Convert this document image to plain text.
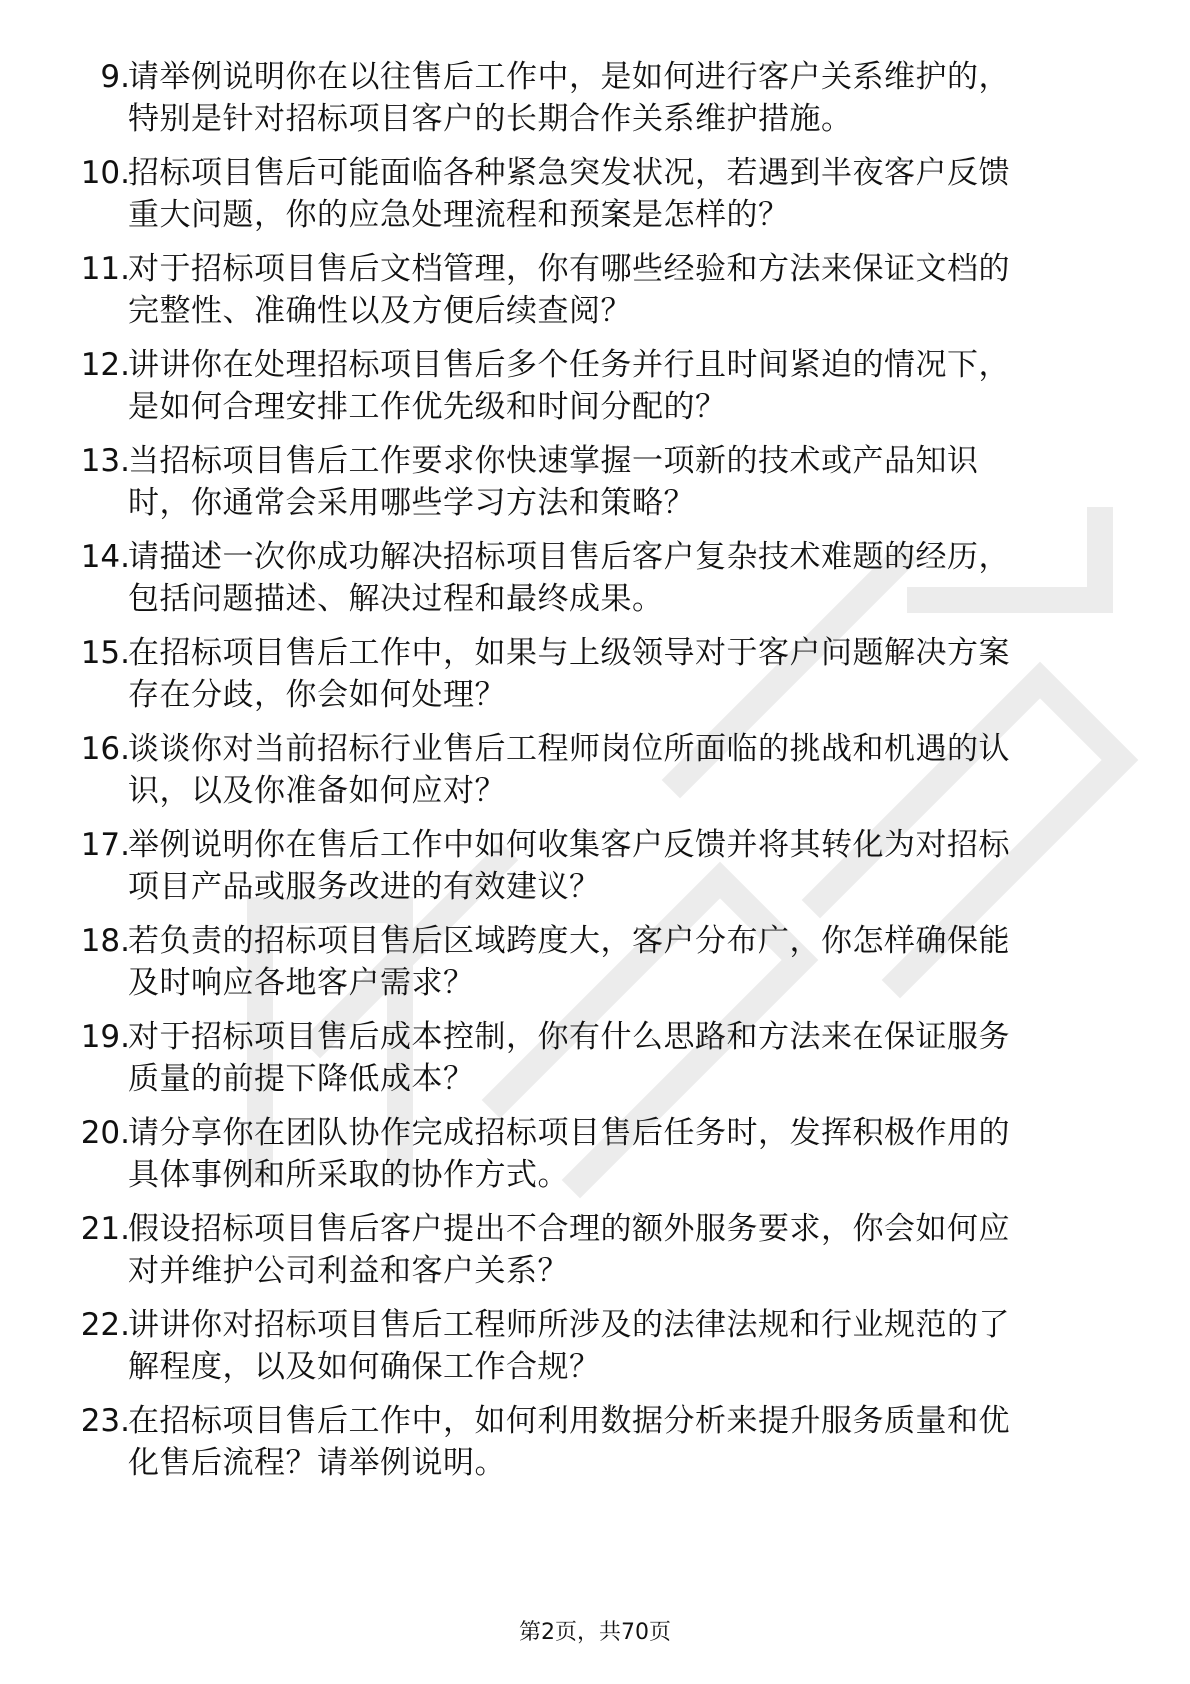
9.
请举例说明你在以往售后工作中，是如何进行客户关系维护的，
特别是针对招标项目客户的长期合作关系维护措施。
10.
招标项目售后可能面临各种紧急突发状况，若遇到半夜客户反馈
重大问题，你的应急处理流程和预案是怎样的？
11.
对于招标项目售后文档管理，你有哪些经验和方法来保证文档的
完整性、准确性以及方便后续查阅？
12.
讲讲你在处理招标项目售后多个任务并行且时间紧迫的情况下，
是如何合理安排工作优先级和时间分配的？
13.
当招标项目售后工作要求你快速掌握一项新的技术或产品知识
时，你通常会采用哪些学习方法和策略？
14.
请描述一次你成功解决招标项目售后客户复杂技术难题的经历，
包括问题描述、解决过程和最终成果。
15.
在招标项目售后工作中，如果与上级领导对于客户问题解决方案
存在分歧，你会如何处理？
16.
谈谈你对当前招标行业售后工程师岗位所面临的挑战和机遇的认
识，以及你准备如何应对？
17.
举例说明你在售后工作中如何收集客户反馈并将其转化为对招标
项目产品或服务改进的有效建议？
18.
若负责的招标项目售后区域跨度大，客户分布广，你怎样确保能
及时响应各地客户需求？
19.
对于招标项目售后成本控制，你有什么思路和方法来在保证服务
质量的前提下降低成本？
20.
请分享你在团队协作完成招标项目售后任务时，发挥积极作用的
具体事例和所采取的协作方式。
21.
假设招标项目售后客户提出不合理的额外服务要求，你会如何应
对并维护公司利益和客户关系？
22.
讲讲你对招标项目售后工程师所涉及的法律法规和行业规范的了
解程度，以及如何确保工作合规？
23.
在招标项目售后工作中，如何利用数据分析来提升服务质量和优
化售后流程？请举例说明。
第2页，共70页
